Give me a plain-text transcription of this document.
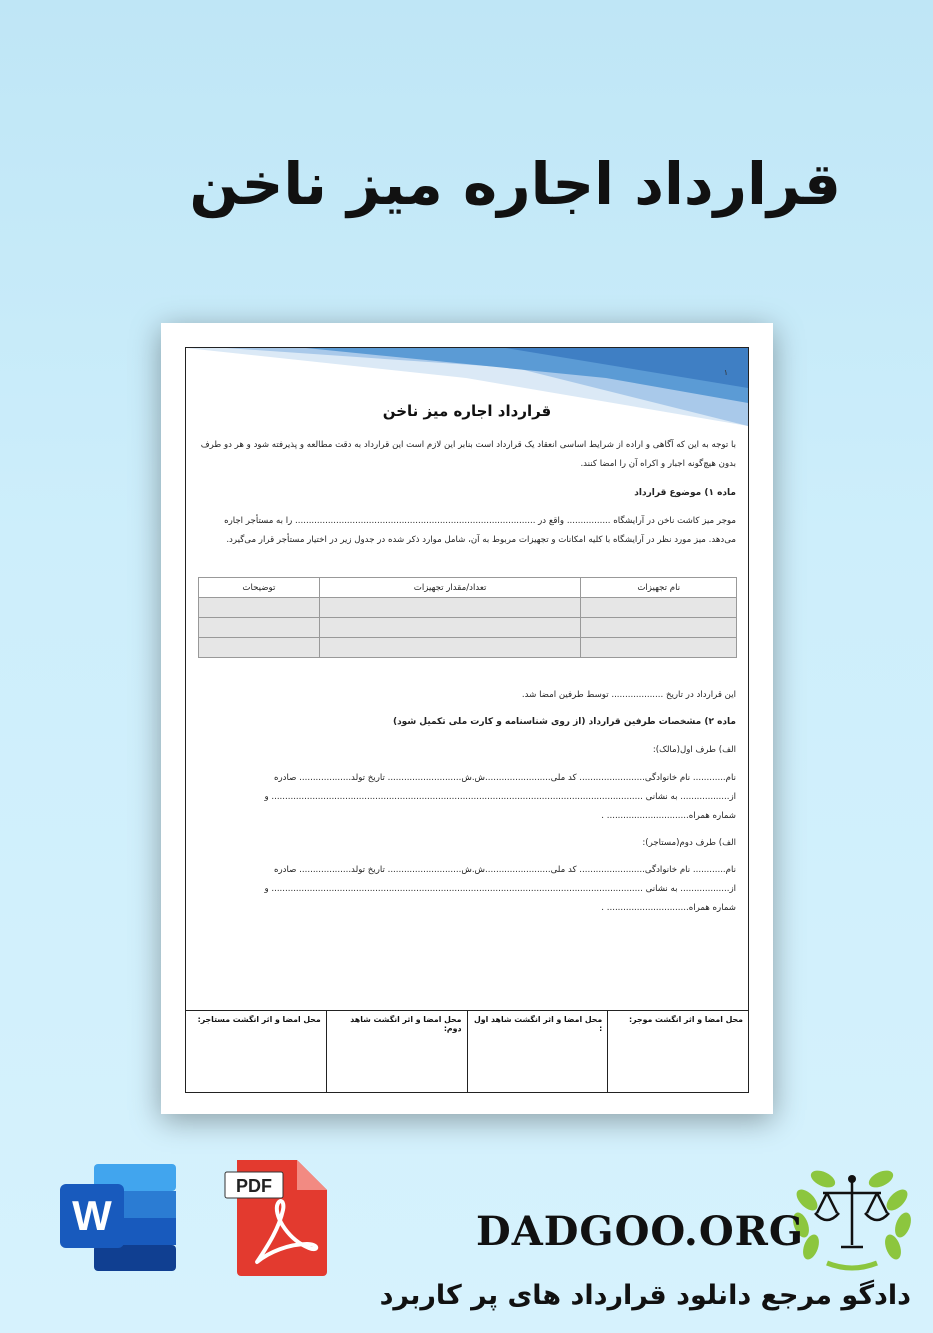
قرارداد اجاره میز ناخن
۱
قرارداد اجاره میز ناخن
با توجه به این که آگاهی و اراده از شرایط اساسی انعقاد یک قرارداد است بنابر این لازم است این قرارداد به دقت مطالعه و پذیرفته شود و هر دو طرف بدون هیچ‌گونه اجبار و اکراه آن را امضا کنند.
ماده ۱) موضوع قرارداد
موجر میز کاشت ناخن در آرایشگاه ................ واقع در ........................................................................................ را به مستأجر اجاره می‌دهد. میز مورد نظر در آرایشگاه با کلیه امکانات و تجهیزات مربوط به آن، شامل موارد ذکر شده در جدول زیر در اختیار مستأجر قرار می‌گیرد.
نام تجهیزات	تعداد/مقدار تجهیزات	توضیحات

این قرارداد در تاریخ ................... توسط طرفین امضا شد.
ماده ۲) مشخصات طرفین قرارداد (از روی شناسنامه و کارت ملی تکمیل شود)
الف) طرف اول(مالک):
نام............ نام خانوادگی........................ کد ملی........................ش.ش........................... تاریخ تولد................... صادره
از.................. به نشانی ........................................................................................................................................ و
شماره همراه.............................. .
الف) طرف دوم(مستاجر):
نام............ نام خانوادگی........................ کد ملی........................ش.ش........................... تاریخ تولد................... صادره
از.................. به نشانی ........................................................................................................................................ و
شماره همراه.............................. .
محل امضا و اثر انگشت موجر:
محل امضا و اثر انگشت شاهد اول :
محل امضا و اثر انگشت شاهد دوم:
محل امضا و اثر انگشت مستاجر:
W
PDF
DADGOO.ORG
دادگو مرجع دانلود قرارداد های پر کاربرد
